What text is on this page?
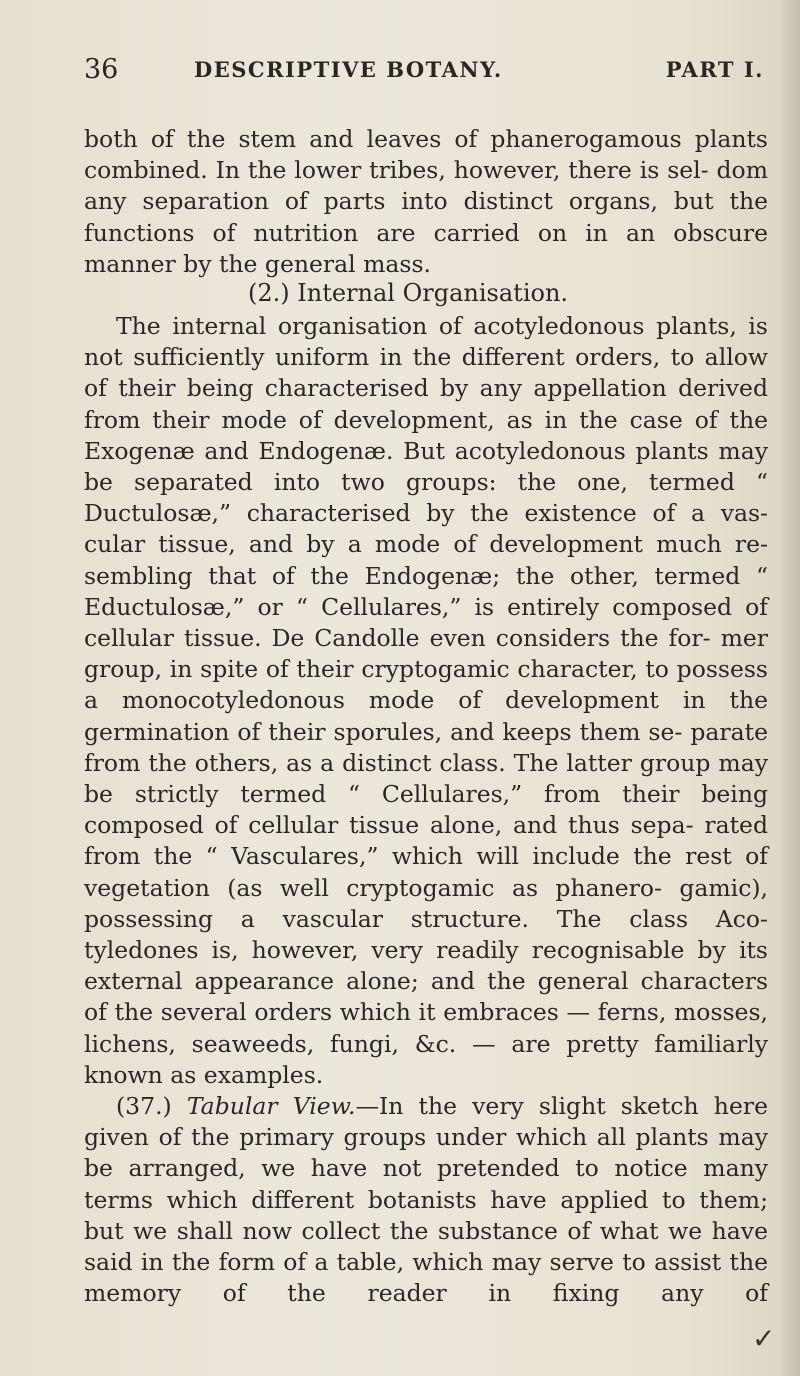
36	DESCRIPTIVE BOTANY.	PART I.

both of the stem and leaves of phanerogamous plants combined. In the lower tribes, however, there is sel- dom any separation of parts into distinct organs, but the functions of nutrition are carried on in an obscure

manner by the general mass.

(2.) Internal Organisation.

The internal organisation of acotyledonous plants, is not sufficiently uniform in the different orders, to allow of their being characterised by any appellation derived from their mode of development, as in the case of the Exogenæ and Endogenæ. But acotyledonous plants may be separated into two groups: the one, termed “ Ductulosæ,” characterised by the existence of a vas- cular tissue, and by a mode of development much re- sembling that of the Endogenæ; the other, termed “ Eductulosæ,” or “ Cellulares,” is entirely composed of cellular tissue. De Candolle even considers the for- mer group, in spite of their cryptogamic character, to possess a monocotyledonous mode of development in the germination of their sporules, and keeps them se- parate from the others, as a distinct class. The latter group may be strictly termed “ Cellulares,” from their being composed of cellular tissue alone, and thus sepa- rated from the “ Vasculares,” which will include the rest of vegetation (as well cryptogamic as phanero- gamic), possessing a vascular structure. The class Aco- tyledones is, however, very readily recognisable by its external appearance alone; and the general characters of the several orders which it embraces — ferns, mosses, lichens, seaweeds, fungi, &c. — are pretty familiarly

known as examples.

(37.) Tabular View.—In the very slight sketch here given of the primary groups under which all plants may be arranged, we have not pretended to notice many terms which different botanists have applied to them; but we shall now collect the substance of what we have said in the form of a table, which may serve to assist the memory of the reader in fixing any of

✓
